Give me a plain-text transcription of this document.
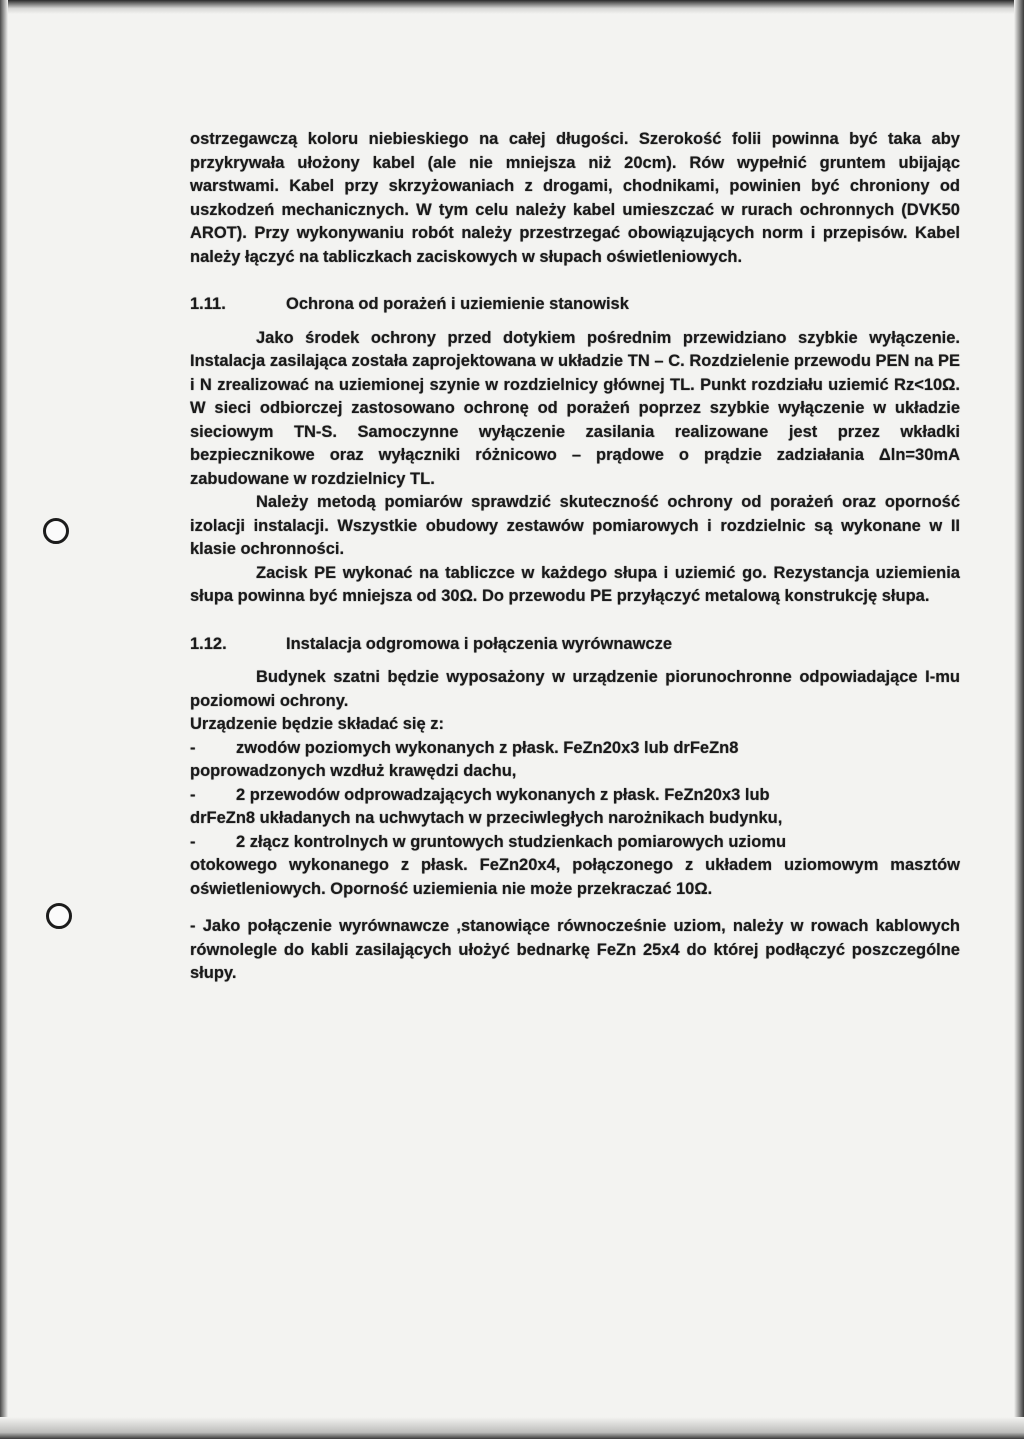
ostrzegawczą koloru niebieskiego na całej długości. Szerokość folii powinna być taka aby przykrywała ułożony kabel (ale nie mniejsza niż 20cm). Rów wypełnić gruntem ubijając warstwami. Kabel przy skrzyżowaniach z drogami, chodnikami, powinien być chroniony od uszkodzeń mechanicznych. W tym celu należy kabel umieszczać w rurach ochronnych (DVK50 AROT). Przy wykonywaniu robót należy przestrzegać obowiązujących norm i przepisów. Kabel należy łączyć na tabliczkach zaciskowych w słupach oświetleniowych.

1.11.	Ochrona od porażeń i uziemienie stanowisk

Jako środek ochrony przed dotykiem pośrednim przewidziano szybkie wyłączenie. Instalacja zasilająca została zaprojektowana w układzie TN – C. Rozdzielenie przewodu PEN na PE i N zrealizować na uziemionej szynie w rozdzielnicy głównej TL. Punkt rozdziału uziemić Rz<10Ω. W sieci odbiorczej zastosowano ochronę od porażeń poprzez szybkie wyłączenie w układzie sieciowym TN-S. Samoczynne wyłączenie zasilania realizowane jest przez wkładki bezpiecznikowe oraz wyłączniki różnicowo – prądowe o prądzie zadziałania Δln=30mA zabudowane w rozdzielnicy TL.

Należy metodą pomiarów sprawdzić skuteczność ochrony od porażeń oraz oporność izolacji instalacji. Wszystkie obudowy zestawów pomiarowych i rozdzielnic są wykonane w II klasie ochronności.

Zacisk PE wykonać na tabliczce w każdego słupa i uziemić go. Rezystancja uziemienia słupa powinna być mniejsza od 30Ω. Do przewodu PE przyłączyć metalową konstrukcję słupa.

1.12.	Instalacja odgromowa i połączenia wyrównawcze

Budynek szatni będzie wyposażony w urządzenie piorunochronne odpowiadające I-mu poziomowi ochrony.

Urządzenie będzie składać się z:

-	zwodów poziomych wykonanych z płask. FeZn20x3 lub drFeZn8

poprowadzonych wzdłuż krawędzi dachu,

-	2 przewodów odprowadzających wykonanych z płask. FeZn20x3 lub

drFeZn8 układanych na uchwytach w przeciwległych narożnikach budynku,

-	2 złącz kontrolnych w gruntowych studzienkach pomiarowych uziomu

otokowego wykonanego z płask. FeZn20x4, połączonego z układem uziomowym masztów oświetleniowych. Oporność uziemienia nie może przekraczać 10Ω.

- Jako połączenie wyrównawcze ,stanowiące równocześnie uziom, należy w rowach kablowych równolegle do kabli zasilających ułożyć bednarkę FeZn 25x4 do której podłączyć poszczególne słupy.
